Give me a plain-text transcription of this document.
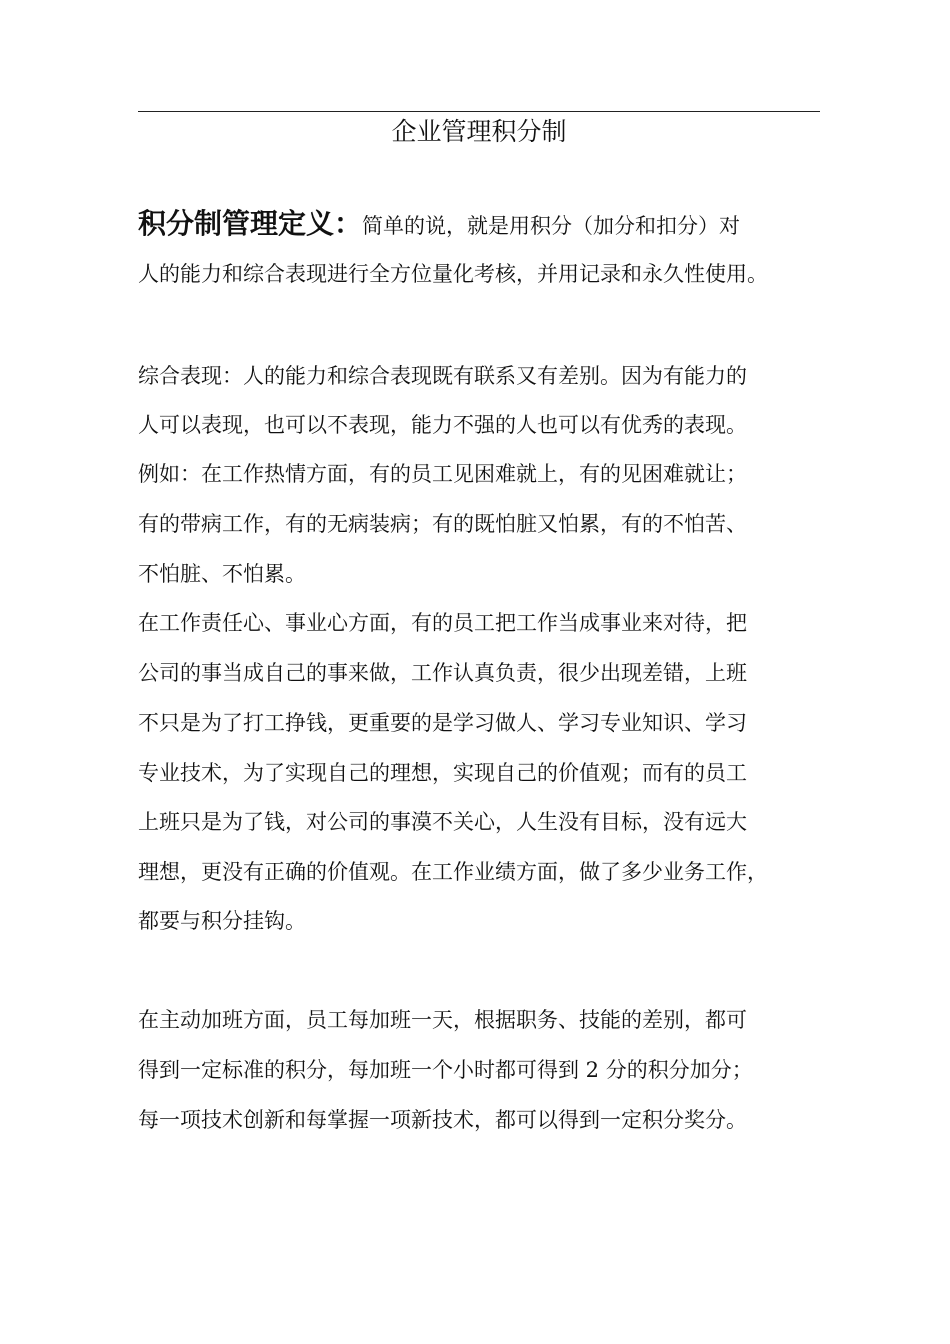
企业管理积分制
积分制管理定义：简单的说，就是用积分（加分和扣分）对
人的能力和综合表现进行全方位量化考核，并用记录和永久性使用。
综合表现：人的能力和综合表现既有联系又有差别。因为有能力的
人可以表现，也可以不表现，能力不强的人也可以有优秀的表现。
例如：在工作热情方面，有的员工见困难就上，有的见困难就让；
有的带病工作，有的无病装病；有的既怕脏又怕累，有的不怕苦、
不怕脏、不怕累。
在工作责任心、事业心方面，有的员工把工作当成事业来对待，把
公司的事当成自己的事来做，工作认真负责，很少出现差错，上班
不只是为了打工挣钱，更重要的是学习做人、学习专业知识、学习
专业技术，为了实现自己的理想，实现自己的价值观；而有的员工
上班只是为了钱，对公司的事漠不关心，人生没有目标，没有远大
理想，更没有正确的价值观。在工作业绩方面，做了多少业务工作，
都要与积分挂钩。
在主动加班方面，员工每加班一天，根据职务、技能的差别，都可
得到一定标准的积分，每加班一个小时都可得到 2 分的积分加分；
每一项技术创新和每掌握一项新技术，都可以得到一定积分奖分。
